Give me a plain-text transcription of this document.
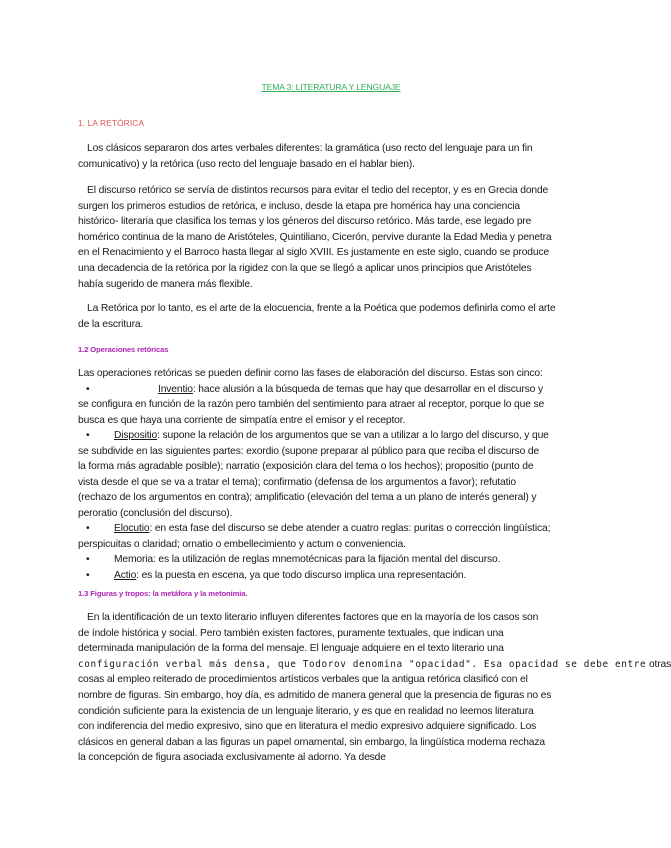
TEMA 3: LITERATURA Y LENGUAJE
1. LA RETÓRICA
Los clásicos separaron dos artes verbales diferentes: la gramática (uso recto del lenguaje para un fin
comunicativo) y la retórica (uso recto del lenguaje basado en el hablar bien).
El discurso retórico se servía de distintos recursos para evitar el tedio del receptor, y es en Grecia donde
surgen los primeros estudios de retórica, e incluso, desde la etapa pre homérica hay una conciencia
histórico- literaria que clasifica los temas y los géneros del discurso retórico. Más tarde, ese legado pre
homérico continua de la mano de Aristóteles, Quintiliano, Cicerón, pervive durante la Edad Media y penetra
en el Renacimiento y el Barroco hasta llegar al siglo XVIII. Es justamente en este siglo, cuando se produce
una decadencia de la retórica por la rigidez con la que se llegó a aplicar unos principios que Aristóteles
había sugerido de manera más flexible.
La Retórica por lo tanto, es el arte de la elocuencia, frente a la Poética que podemos definirla como el arte
de la escritura.
1.2 Operaciones retóricas
Las operaciones retóricas se pueden definir como las fases de elaboración del discurso. Estas son cinco:
•	Inventio: hace alusión a la búsqueda de temas que hay que desarrollar en el discurso y
se configura en función de la razón pero también del sentimiento para atraer al receptor, porque lo que se
busca es que haya una corriente de simpatía entre el emisor y el receptor.
•	Dispositio: supone la relación de los argumentos que se van a utilizar a lo largo del discurso, y que
se subdivide en las siguientes partes: exordio (supone preparar al público para que reciba el discurso de
la forma más agradable posible); narratio (exposición clara del tema o los hechos); propositio (punto de
vista desde el que se va a tratar el tema); confirmatio (defensa de los argumentos a favor); refutatio
(rechazo de los argumentos en contra); amplificatio (elevación del tema a un plano de interés general) y
peroratio (conclusión del discurso).
•	Elocutio: en esta fase del discurso se debe atender a cuatro reglas: puritas o corrección lingüística;
perspicuitas o claridad; ornatio o embellecimiento y actum o conveniencia.
•	Memoria: es la utilización de reglas mnemotécnicas para la fijación mental del discurso.
•	Actio: es la puesta en escena, ya que todo discurso implica una representación.
1.3 Figuras y tropos: la metáfora y la metonimia.
En la identificación de un texto literario influyen diferentes factores que en la mayoría de los casos son
de índole histórica y social. Pero también existen factores, puramente textuales, que indican una
determinada manipulación de la forma del mensaje. El lenguaje adquiere en el texto literario una
configuración verbal más densa, que Todorov denomina "opacidad". Esa opacidad se debe entre otras
cosas al empleo reiterado de procedimientos artísticos verbales que la antigua retórica clasificó con el
nombre de figuras. Sin embargo, hoy día, es admitido de manera general que la presencia de figuras no es
condición suficiente para la existencia de un lenguaje literario, y es que en realidad no leemos literatura
con indiferencia del medio expresivo, sino que en literatura el medio expresivo adquiere significado. Los
clásicos en general daban a las figuras un papel ornamental, sin embargo, la lingüística moderna rechaza
la concepción de figura asociada exclusivamente al adorno. Ya desde
